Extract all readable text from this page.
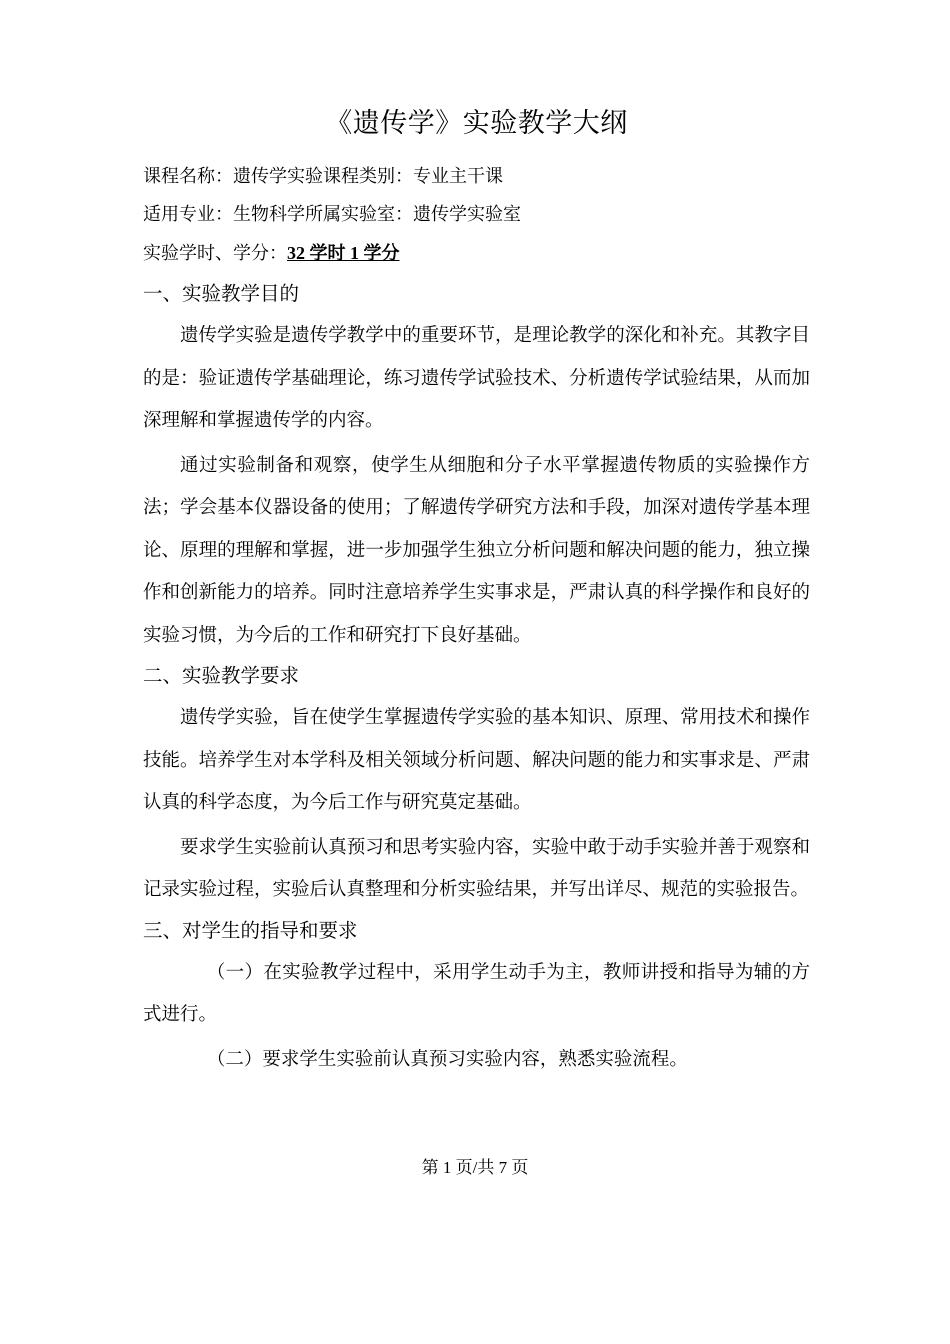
《遗传学》实验教学大纲

课程名称：遗传学实验课程类别：专业主干课

适用专业：生物科学所属实验室：遗传学实验室

实验学时、学分：32 学时 1 学分

一、实验教学目的

遗传学实验是遗传学教学中的重要环节，是理论教学的深化和补充。其教字目的是：验证遗传学基础理论，练习遗传学试验技术、分析遗传学试验结果，从而加深理解和掌握遗传学的内容。

通过实验制备和观察，使学生从细胞和分子水平掌握遗传物质的实验操作方法；学会基本仪器设备的使用；了解遗传学研究方法和手段，加深对遗传学基本理论、原理的理解和掌握，进一步加强学生独立分析问题和解决问题的能力，独立操作和创新能力的培养。同时注意培养学生实事求是，严肃认真的科学操作和良好的实验习惯，为今后的工作和研究打下良好基础。

二、实验教学要求

遗传学实验，旨在使学生掌握遗传学实验的基本知识、原理、常用技术和操作技能。培养学生对本学科及相关领域分析问题、解决问题的能力和实事求是、严肃认真的科学态度，为今后工作与研究莫定基础。

要求学生实验前认真预习和思考实验内容，实验中敢于动手实验并善于观察和记录实验过程，实验后认真整理和分析实验结果，并写出详尽、规范的实验报告。

三、对学生的指导和要求

（一）在实验教学过程中，采用学生动手为主，教师讲授和指导为辅的方式进行。

（二）要求学生实验前认真预习实验内容，熟悉实验流程。

第 1 页/共 7 页
